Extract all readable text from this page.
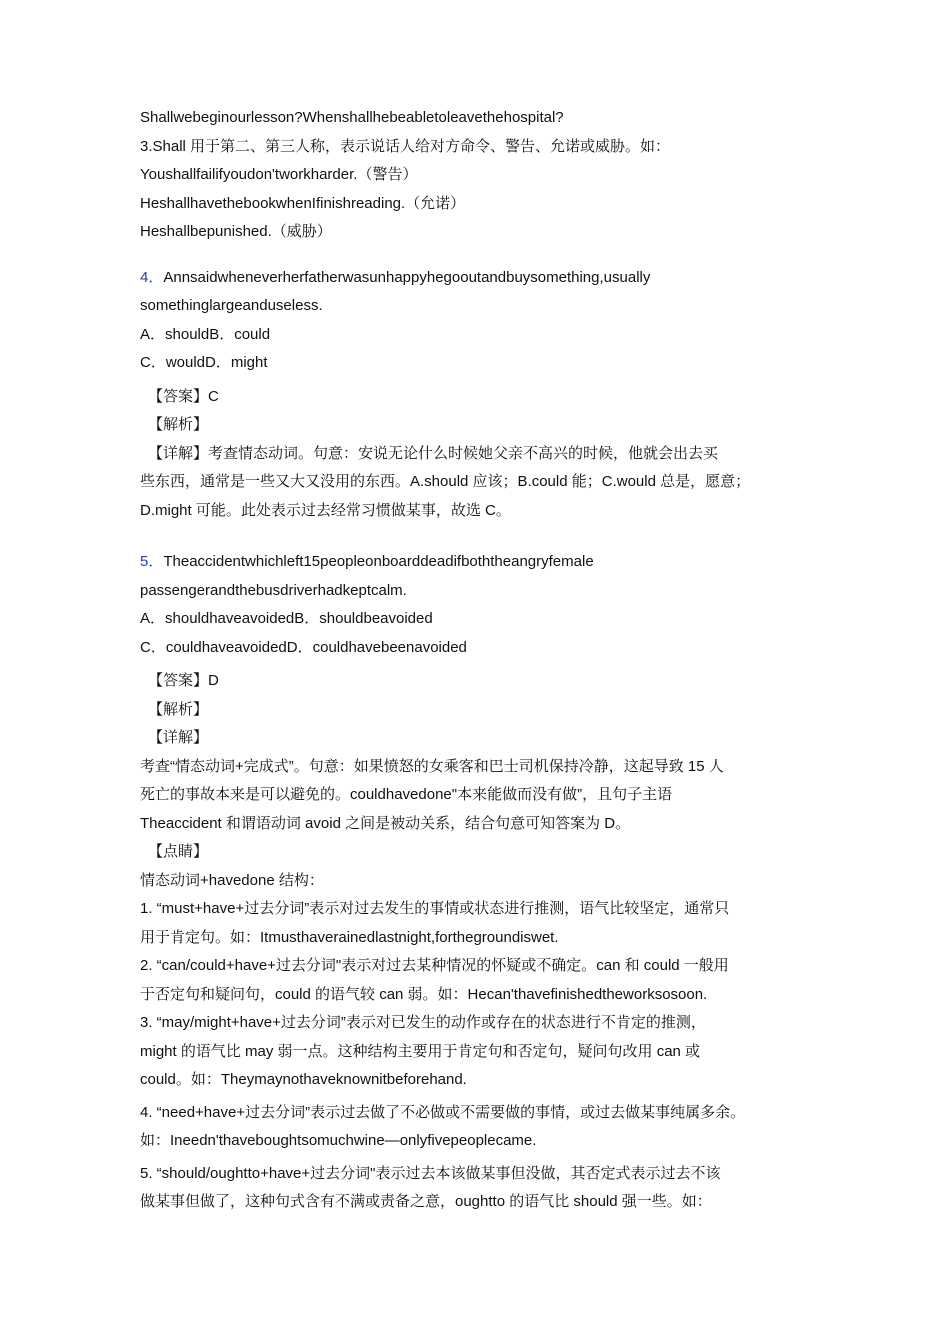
Shallwebeginourlesson?Whenshallhebeabletoleavethehospital?
3.Shall 用于第二、第三人称，表示说话人给对方命令、警告、允诺或威胁。如：
Youshallfailifyoudon'tworkharder.（警告）
HeshallhavethebookwhenIfinishreading.（允诺）
Heshallbepunished.（威胁）
4．Annsaidwheneverherfatherwasunhappyhegooutandbuysomething,usually
somethinglargeanduseless.
A．shouldB．could
C．wouldD．might
【答案】C
【解析】
【详解】考查情态动词。句意：安说无论什么时候她父亲不高兴的时候，他就会出去买
些东西，通常是一些又大又没用的东西。A.should 应该；B.could 能；C.would 总是，愿意；
D.might 可能。此处表示过去经常习惯做某事，故选 C。
5．Theaccidentwhichleft15peopleonboarddeadifboththeangryfemale
passengerandthebusdriverhadkeptcalm.
A．shouldhaveavoidedB．shouldbeavoided
C．couldhaveavoidedD．couldhavebeenavoided
【答案】D
【解析】
【详解】
考查“情态动词+完成式”。句意：如果愤怒的女乘客和巴士司机保持冷静，这起导致 15 人
死亡的事故本来是可以避免的。couldhavedone"本来能做而没有做”，且句子主语
Theaccident 和谓语动词 avoid 之间是被动关系，结合句意可知答案为 D。
【点睛】
情态动词+havedone 结构：
1. “must+have+过去分词”表示对过去发生的事情或状态进行推测，语气比较坚定，通常只
用于肯定句。如：Itmusthaverainedlastnight,forthegroundiswet.
2. “can/could+have+过去分词"表示对过去某种情况的怀疑或不确定。can 和 could 一般用
于否定句和疑问句，could 的语气较 can 弱。如：Hecan'thavefinishedtheworksosoon.
3. “may/might+have+过去分词”表示对已发生的动作或存在的状态进行不肯定的推测，
might 的语气比 may 弱一点。这种结构主要用于肯定句和否定句，疑问句改用 can 或
could。如：Theymaynothaveknownitbeforehand.
4. “need+have+过去分词”表示过去做了不必做或不需要做的事情，或过去做某事纯属多余。
如：Ineedn'thaveboughtsomuchwine—onlyfivepeoplecame.
5. “should/oughtto+have+过去分词"表示过去本该做某事但没做，其否定式表示过去不该
做某事但做了，这种句式含有不满或责备之意，oughtto 的语气比 should 强一些。如：
